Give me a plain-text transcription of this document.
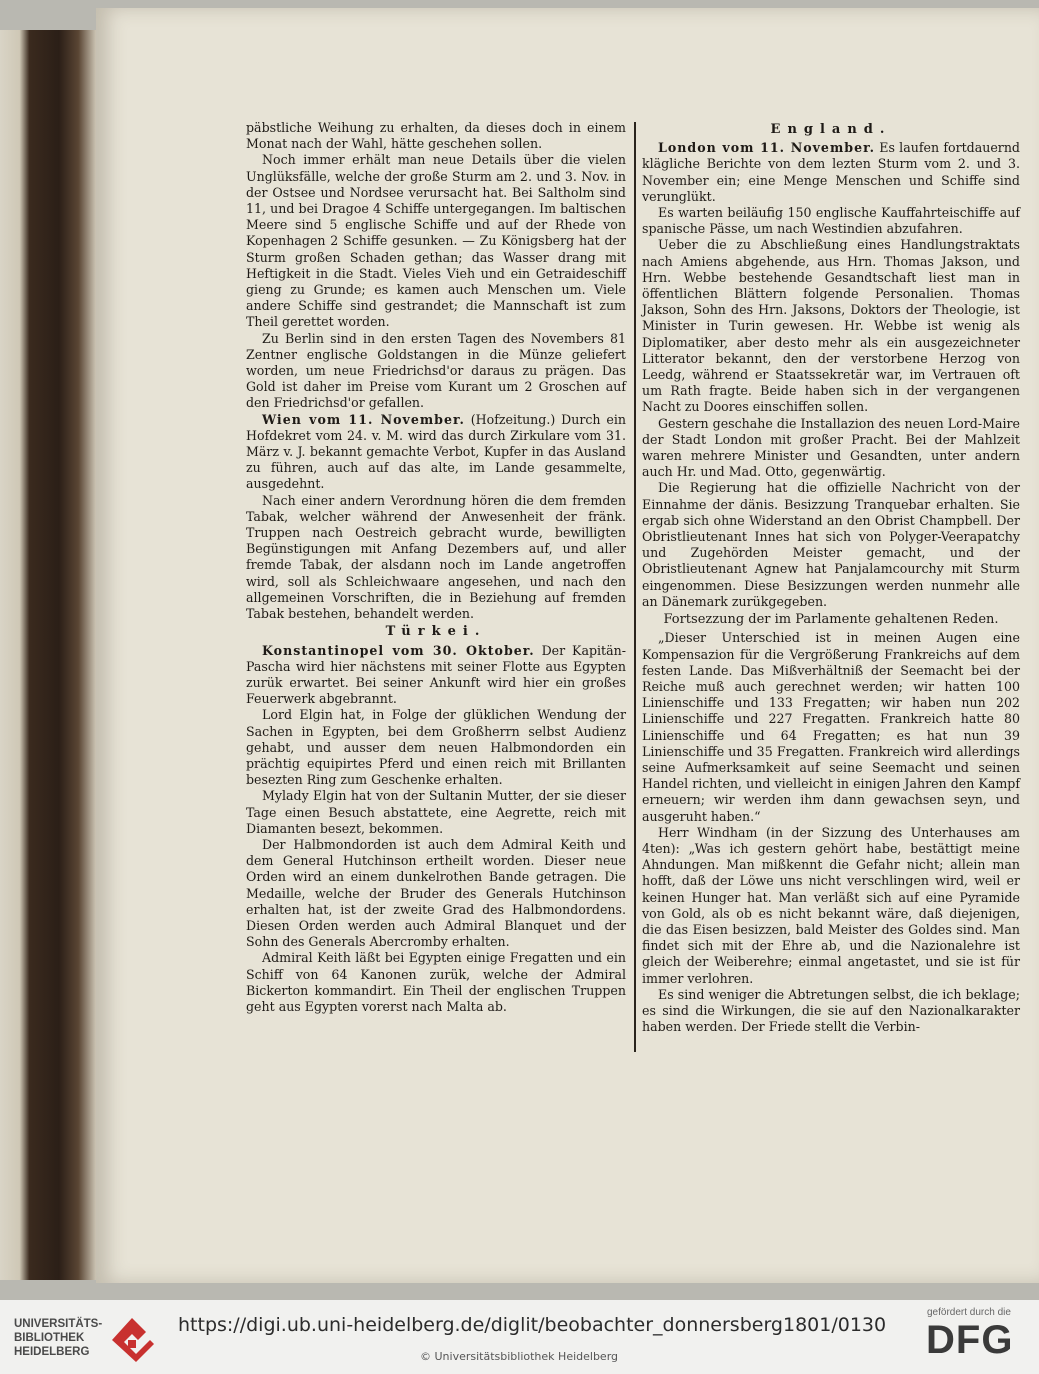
päbstliche Weihung zu erhalten, da dieses doch in einem Monat nach der Wahl, hätte geschehen sollen.

Noch immer erhält man neue Details über die vielen Unglüksfälle, welche der große Sturm am 2. und 3. Nov. in der Ostsee und Nordsee verursacht hat. Bei Saltholm sind 11, und bei Dragoe 4 Schiffe untergegangen. Im baltischen Meere sind 5 englische Schiffe und auf der Rhede von Kopenhagen 2 Schiffe gesunken. — Zu Königsberg hat der Sturm großen Schaden gethan; das Wasser drang mit Heftigkeit in die Stadt. Vieles Vieh und ein Getraideschiff gieng zu Grunde; es kamen auch Menschen um. Viele andere Schiffe sind gestrandet; die Mannschaft ist zum Theil gerettet worden.

Zu Berlin sind in den ersten Tagen des Novembers 81 Zentner englische Goldstangen in die Münze geliefert worden, um neue Friedrichsd'or daraus zu prägen. Das Gold ist daher im Preise vom Kurant um 2 Groschen auf den Friedrichsd'or gefallen.

Wien vom 11. November. (Hofzeitung.) Durch ein Hofdekret vom 24. v. M. wird das durch Zirkulare vom 31. März v. J. bekannt gemachte Verbot, Kupfer in das Ausland zu führen, auch auf das alte, im Lande gesammelte, ausgedehnt.

Nach einer andern Verordnung hören die dem fremden Tabak, welcher während der Anwesenheit der fränk. Truppen nach Oestreich gebracht wurde, bewilligten Begünstigungen mit Anfang Dezembers auf, und aller fremde Tabak, der alsdann noch im Lande angetroffen wird, soll als Schleichwaare angesehen, und nach den allgemeinen Vorschriften, die in Beziehung auf fremden Tabak bestehen, behandelt werden.

Türkei.

Konstantinopel vom 30. Oktober. Der Kapitän-Pascha wird hier nächstens mit seiner Flotte aus Egypten zurük erwartet. Bei seiner Ankunft wird hier ein großes Feuerwerk abgebrannt.

Lord Elgin hat, in Folge der glüklichen Wendung der Sachen in Egypten, bei dem Großherrn selbst Audienz gehabt, und ausser dem neuen Halbmondorden ein prächtig equipirtes Pferd und einen reich mit Brillanten besezten Ring zum Geschenke erhalten.

Mylady Elgin hat von der Sultanin Mutter, der sie dieser Tage einen Besuch abstattete, eine Aegrette, reich mit Diamanten besezt, bekommen.

Der Halbmondorden ist auch dem Admiral Keith und dem General Hutchinson ertheilt worden. Dieser neue Orden wird an einem dunkelrothen Bande getragen. Die Medaille, welche der Bruder des Generals Hutchinson erhalten hat, ist der zweite Grad des Halbmondordens. Diesen Orden werden auch Admiral Blanquet und der Sohn des Generals Abercromby erhalten.

Admiral Keith läßt bei Egypten einige Fregatten und ein Schiff von 64 Kanonen zurük, welche der Admiral Bickerton kommandirt. Ein Theil der englischen Truppen geht aus Egypten vorerst nach Malta ab.

England.

London vom 11. November. Es laufen fortdauernd klägliche Berichte von dem lezten Sturm vom 2. und 3. November ein; eine Menge Menschen und Schiffe sind verunglükt.

Es warten beiläufig 150 englische Kauffahrteischiffe auf spanische Pässe, um nach Westindien abzufahren.

Ueber die zu Abschließung eines Handlungstraktats nach Amiens abgehende, aus Hrn. Thomas Jakson, und Hrn. Webbe bestehende Gesandtschaft liest man in öffentlichen Blättern folgende Personalien. Thomas Jakson, Sohn des Hrn. Jaksons, Doktors der Theologie, ist Minister in Turin gewesen. Hr. Webbe ist wenig als Diplomatiker, aber desto mehr als ein ausgezeichneter Litterator bekannt, den der verstorbene Herzog von Leedg, während er Staatssekretär war, im Vertrauen oft um Rath fragte. Beide haben sich in der vergangenen Nacht zu Doores einschiffen sollen.

Gestern geschahe die Installazion des neuen Lord-Maire der Stadt London mit großer Pracht. Bei der Mahlzeit waren mehrere Minister und Gesandten, unter andern auch Hr. und Mad. Otto, gegenwärtig.

Die Regierung hat die offizielle Nachricht von der Einnahme der dänis. Besizzung Tranquebar erhalten. Sie ergab sich ohne Widerstand an den Obrist Champbell. Der Obristlieutenant Innes hat sich von Polyger-Veerapatchy und Zugehörden Meister gemacht, und der Obristlieutenant Agnew hat Panjalamcourchy mit Sturm eingenommen. Diese Besizzungen werden nunmehr alle an Dänemark zurükgegeben.

Fortsezzung der im Parlamente gehaltenen Reden.

„Dieser Unterschied ist in meinen Augen eine Kompensazion für die Vergrößerung Frankreichs auf dem festen Lande. Das Mißverhältniß der Seemacht bei der Reiche muß auch gerechnet werden; wir hatten 100 Linienschiffe und 133 Fregatten; wir haben nun 202 Linienschiffe und 227 Fregatten. Frankreich hatte 80 Linienschiffe und 64 Fregatten; es hat nun 39 Linienschiffe und 35 Fregatten. Frankreich wird allerdings seine Aufmerksamkeit auf seine Seemacht und seinen Handel richten, und vielleicht in einigen Jahren den Kampf erneuern; wir werden ihm dann gewachsen seyn, und ausgeruht haben.“

Herr Windham (in der Sizzung des Unterhauses am 4ten): „Was ich gestern gehört habe, bestättigt meine Ahndungen. Man mißkennt die Gefahr nicht; allein man hofft, daß der Löwe uns nicht verschlingen wird, weil er keinen Hunger hat. Man verläßt sich auf eine Pyramide von Gold, als ob es nicht bekannt wäre, daß diejenigen, die das Eisen besizzen, bald Meister des Goldes sind. Man findet sich mit der Ehre ab, und die Nazionalehre ist gleich der Weiberehre; einmal angetastet, und sie ist für immer verlohren.

Es sind weniger die Abtretungen selbst, die ich beklage; es sind die Wirkungen, die sie auf den Nazionalkarakter haben werden. Der Friede stellt die Verbin-

UNIVERSITÄTS-
BIBLIOTHEK
HEIDELBERG
https://digi.ub.uni-heidelberg.de/diglit/beobachter_donnersberg1801/0130
© Universitätsbibliothek Heidelberg
gefördert durch die
DFG
